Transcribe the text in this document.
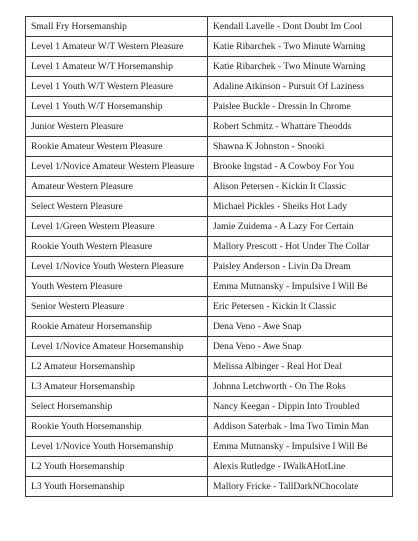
Small Fry Horsemanship	Kendall Lavelle - Dont Doubt Im Cool
Level 1 Amateur W/T Western Pleasure	Katie Ribarchek - Two Minute Warning
Level 1 Amateur W/T Horsemanship	Katie Ribarchek - Two Minute Warning
Level 1 Youth W/T Western Pleasure	Adaline Atkinson - Pursuit Of Laziness
Level 1 Youth W/T Horsemanship	Paislee Buckle - Dressin In Chrome
Junior Western Pleasure	Robert Schmitz - Whattare Theodds
Rookie Amateur Western Pleasure	Shawna K Johnston - Snooki
Level 1/Novice Amateur Western Pleasure	Brooke Ingstad - A Cowboy For You
Amateur Western Pleasure	Alison Petersen - Kickin It Classic
Select Western Pleasure	Michael Pickles - Sheiks Hot Lady
Level 1/Green Western Pleasure	Jamie Zuidema - A Lazy For Certain
Rookie Youth Western Pleasure	Mallory Prescott - Hot Under The Collar
Level 1/Novice Youth Western Pleasure	Paisley Anderson - Livin Da Dream
Youth Western Pleasure	Emma Mutnansky - Impulsive I Will Be
Senior Western Pleasure	Eric Petersen - Kickin It Classic
Rookie Amateur Horsemanship	Dena Veno - Awe Snap
Level 1/Novice Amateur Horsemanship	Dena Veno - Awe Snap
L2 Amateur Horsemanship	Melissa Albinger - Real Hot Deal
L3 Amateur Horsemanship	Johnna Letchworth - On The Roks
Select Horsemanship	Nancy Keegan - Dippin Into Troubled
Rookie Youth Horsemanship	Addison Saterbak - Ima Two Timin Man
Level 1/Novice Youth Horsemanship	Emma Mutnansky - Impulsive I Will Be
L2 Youth Horsemanship	Alexis Rutledge - IWalkAHotLine
L3 Youth Horsemanship	Mallory Fricke - TallDarkNChocolate
